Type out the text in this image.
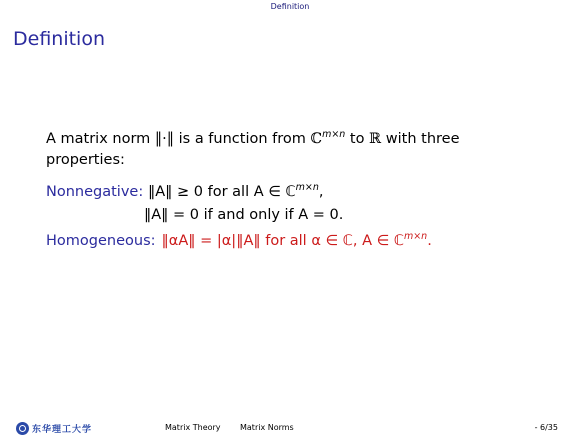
Definition
Definition
A matrix norm ‖·‖ is a function from ℂ$^{m\times n}$ to ℝ with three
properties:
Nonnegative: ‖A‖ ≥ 0 for all A ∈ ℂ$^{m\times n}$,
‖A‖ = 0 if and only if A = 0.
Homogeneous: ‖αA‖ = |α|‖A‖ for all α ∈ ℂ, A ∈ ℂ$^{m\times n}$.
东华理工大学	Matrix Theory Matrix Norms	- 6/35
